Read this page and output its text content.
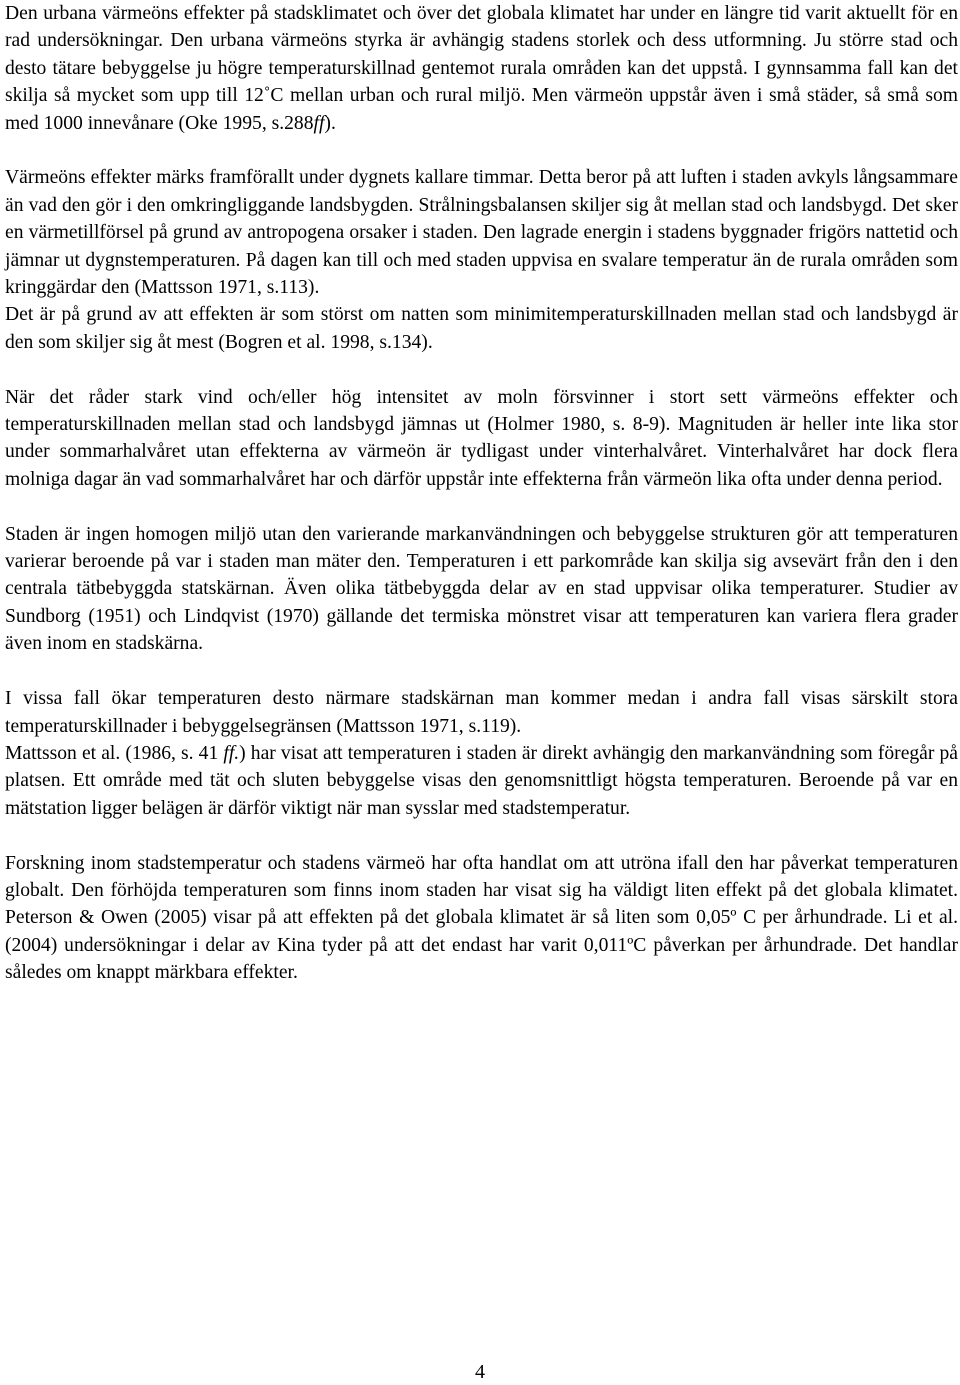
Den urbana värmeöns effekter på stadsklimatet och över det globala klimatet har under en längre tid varit aktuellt för en rad undersökningar. Den urbana värmeöns styrka är avhängig stadens storlek och dess utformning. Ju större stad och desto tätare bebyggelse ju högre temperaturskillnad gentemot rurala områden kan det uppstå. I gynnsamma fall kan det skilja så mycket som upp till 12˚C mellan urban och rural miljö. Men värmeön uppstår även i små städer, så små som med 1000 innevånare (Oke 1995, s.288ff).

Värmeöns effekter märks framförallt under dygnets kallare timmar. Detta beror på att luften i staden avkyls långsammare än vad den gör i den omkringliggande landsbygden. Strålningsbalansen skiljer sig åt mellan stad och landsbygd. Det sker en värmetillförsel på grund av antropogena orsaker i staden. Den lagrade energin i stadens byggnader frigörs nattetid och jämnar ut dygnstemperaturen. På dagen kan till och med staden uppvisa en svalare temperatur än de rurala områden som kringgärdar den (Mattsson 1971, s.113).

Det är på grund av att effekten är som störst om natten som minimitemperaturskillnaden mellan stad och landsbygd är den som skiljer sig åt mest (Bogren et al. 1998, s.134).

När det råder stark vind och/eller hög intensitet av moln försvinner i stort sett värmeöns effekter och temperaturskillnaden mellan stad och landsbygd jämnas ut (Holmer 1980, s. 8-9). Magnituden är heller inte lika stor under sommarhalvåret utan effekterna av värmeön är tydligast under vinterhalvåret. Vinterhalvåret har dock flera molniga dagar än vad sommarhalvåret har och därför uppstår inte effekterna från värmeön lika ofta under denna period.

Staden är ingen homogen miljö utan den varierande markanvändningen och bebyggelse strukturen gör att temperaturen varierar beroende på var i staden man mäter den. Temperaturen i ett parkområde kan skilja sig avsevärt från den i den centrala tätbebyggda statskärnan. Även olika tätbebyggda delar av en stad uppvisar olika temperaturer. Studier av Sundborg (1951) och Lindqvist (1970) gällande det termiska mönstret visar att temperaturen kan variera flera grader även inom en stadskärna.

I vissa fall ökar temperaturen desto närmare stadskärnan man kommer medan i andra fall visas särskilt stora temperaturskillnader i bebyggelsegränsen (Mattsson 1971, s.119).

Mattsson et al. (1986, s. 41 ff.) har visat att temperaturen i staden är direkt avhängig den markanvändning som föregår på platsen. Ett område med tät och sluten bebyggelse visas den genomsnittligt högsta temperaturen. Beroende på var en mätstation ligger belägen är därför viktigt när man sysslar med stadstemperatur.

Forskning inom stadstemperatur och stadens värmeö har ofta handlat om att utröna ifall den har påverkat temperaturen globalt. Den förhöjda temperaturen som finns inom staden har visat sig ha väldigt liten effekt på det globala klimatet. Peterson & Owen (2005) visar på att effekten på det globala klimatet är så liten som 0,05º C per århundrade. Li et al. (2004) undersökningar i delar av Kina tyder på att det endast har varit 0,011ºC påverkan per århundrade. Det handlar således om knappt märkbara effekter.

4
